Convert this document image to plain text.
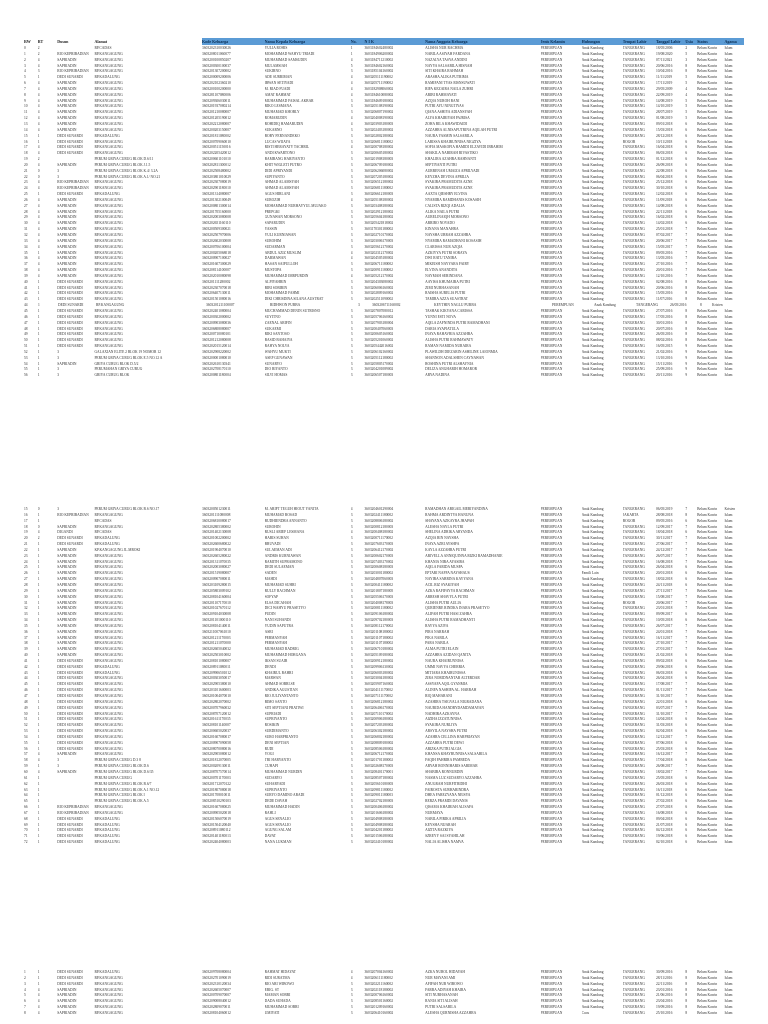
RW	RT	Dusun	Alamat	Kode Keluarga	Nama Kepala Keluarga	No.	N I K	Nama Anggota Keluarga	Jenis Kelamin	Hubungan	Tempat Lahir	Tanggal Lahir	Usia	Status	Agama
0	2	RP.CADAS	3603202310030026	YULIA ROHIS	1	3603184602480002	ALISHA NUR RACHMA	PEREMPUAN	Anak Kandung	TANGERANG	18/05/2006	2	Belum Kawin	Islam
1	2	RIO KEPRIBADIAN	RP.KANGAGUNG	3603208011060077	MOHAMMAD WAHYU TRIADI	1	3603184906200002	NABILA ASIYAH FARDANA	PEREMPUAN	Anak Kandung	TANGERANG	19/08/2020	5	Belum Kawin	Islam
2	4	SAPRIADIN	RP.KANGAGUNG	3603200100850207	MUHAMMAD SAMSUDIN	4	3603184711210002	NAZALYA TASYA ANDINI	PEREMPUAN	Anak Kandung	TANGERANG	07/11/2021	3	Belum Kawin	Islam
3	4	SAPRIADIN	RP.KANGAGUNG	3603200300100037	MULAMSIAH	5	3603184602160002	NAYYA SALSABILA HISNAH	PEREMPUAN	Anak Kandung	TANGERANG	20/06/2016	8	Belum Kawin	Islam
4	3	RIO KEPRIBADIAN	RP.KANGAGUNG	3603201307200002	SUKIRNO	3	3603185104160002	SITI KHAIRA RAHMAH	PEREMPUAN	Anak Kandung	TANGERANG	10/04/2016	8	Belum Kawin	Islam
5	1	DEDI SUNARDI	RP.KADALUNG	3603200009200006	ADE SURRIMAN	4	3603205111190002	ARASHA ALIKA PUTRIMA	PEREMPUAN	Anak Kandung	TANGERANG	11/11/2019	5	Belum Kawin	Islam
6	4	SAPRIADIN	RP.KANGAGUNG	3603202102360210	IRWAN SETIYADI	4	3603205711190002	RAMIFANI TYAS RISNSUWATI	PEREMPUAN	Anak Kandung	TANGERANG	17/11/2019	5	Belum Kawin	Islam
7	4	SAPRIADIN	RP.KANGAGUNG	3603200100200000	M. RIAD FUADI	4	3603182908060002	RIFA KEZAIRA NAILA ZUHRI	PEREMPUAN	Anak Kandung	TANGERANG	29/05/2009	4	Belum Kawin	Islam
8	4	SAPRIADIN	RP.KANGAGUNG	3603281107080006	AMAT RAHMAT	4	3603184610080002	ARIBI RAHMAYATI	PEREMPUAN	Anak Kandung	TANGERANG	22/09/2019	4	Belum Kawin	Islam
9	4	SAPRIADIN	RP.KANGAGUNG	3603209306030011	MUHAMMAD FAISAL AKBAR	3	3603184609180002	AZQIA NUROH BANI	PEREMPUAN	Anak Kandung	TANGERANG	14/08/2019	5	Belum Kawin	Islam
10	4	SAPRIADIN	RP.KANGAGUNG	3603201937080214	RIKO LESMANA	3	3603205108190002	PUTRI AYU NINGTIYAS	PEREMPUAN	Anak Kandung	TANGERANG	14/10/2019	5	Belum Kawin	Islam
11	4	SAPRIADIN	RP.KANGAGUNG	3603201210080007	MUHAMAD KHOBLY	3	3603206807190002	QIANA ASHIYA ADIANSYAH	PEREMPUAN	Anak Kandung	TANGERANG	28/07/2019	5	Belum Kawin	Islam
12	4	SAPRIADIN	RP.KANGAGUNG	3603201205190012	ROMARUDIN	4	3603204008190002	ALYA KHAIRIYAH PAJRISA	PEREMPUAN	Anak Kandung	TANGERANG	01/08/2019	5	Belum Kawin	Islam
13	4	SAPRIADIN	RP.KANGAGUNG	3603202212080007	ROHIDIQ HAMARUDIN	4	3603203903180003	ZOHA BILA KHAWIDAIDI	PEREMPUAN	Anak Kandung	TANGERANG	09/01/2018	6	Belum Kawin	Islam
14	4	SAPRIADIN	RP.KANGAGUNG	3603200203150007	SUKARNO	3	3603202403180002	AZZAHRA ALNISAPUTRINA AQILAH PUTRI	PEREMPUAN	Anak Kandung	TANGERANG	15/03/2018	6	Belum Kawin	Islam
15	1	DEDI SUNARDI	RP.KADALUNG	3603201811080002	BOBY FERNANDEKO	3	3603202802180002	NAURA YASMIN SALSABILA	PEREMPUAN	Anak Kandung	TANGERANG	28/12/2018	6	Belum Kawin	Islam
16	1	DEDI SUNARDI	RP.KANGAGUNG	3603200709060010	LUCAS WIJAYA	3	3603206811180002	LARISSA KHAIRUNNISA NIGZIYA	PEREMPUAN	Anak Kandung	BOGOR	10/11/2018	6	Belum Kawin	Islam
17	4	DEDI SUNARDI	RP.KANGAGUNG	3603200511150016	RISTI HERAYATY TACHRIL	4	3603200708180002	SOFIA MASKOFIA HAMIDI ELZAVIDI IBRAHIM	PEREMPUAN	Anak Kandung	TANGERANG	16/04/2018	6	Belum Kawin	Islam
18	4	DEDI SUNARDI	RP.KANGAGUNG	3603202205420012	ANDI KWARTONO	3	3603200605180002	SHAKILA NABIRAH RIVASTIKO	PEREMPUAN	Anak Kandung	TANGERANG	06/03/2018	6	Belum Kawin	Islam
19	2	PERUM GRIYA CURUG BLOK D.6/11	3603200601101010	BAMBANG HARIYANTO	3	3603201908180003	KHALIRA AZAHRA RAHNANTI	PEREMPUAN	Anak Kandung	TANGERANG	01/12/2018	6	Belum Kawin	Islam
20	4	SAPRIADIN	PERUM GRIYA CURUG BLOK J.1.5	3603202811300012	KHIT WIGLETI PUTRO	3	3603206709180002	SEPTIYANTI PUTRI	PEREMPUAN	Anak Kandung	TANGERANG	26/09/2018	6	Belum Kawin	Islam
21	0	3	PERUM GRIYA CURUG BLOK K.4/ 3.2A	3603202508480002	DIDI APRIYANDI	3	3603206206080002	AURRENAH UMAIZA APRILYADI	PEREMPUAN	Anak Kandung	TANGERANG	22/08/2018	6	Belum Kawin	Islam
22	0	3	PERUM GRIYA CURUG BLOK A.1/ NO.21	3603203801010029	SUPIYANTO	3	3603207205180002	KEYZHA DEVINA APRILIA	PEREMPUAN	Anak Kandung	TANGERANG	06/04/2018	6	Belum Kawin	Islam
23	4	RIO KEPRIBADIAN	RP.KANGAGUNG	3603202307080019	AHMAD ALAMSYAH	3	3603206512180002	SYAKIRA PRAMUDITA AZNE	PEREMPUAN	Anak Kandung	TANGERANG	25/12/2018	6	Belum Kawin	Islam
24	4	RIO KEPRIBADIAN	RP.KANGAGUNG	3603202901180010	AHMAD ALAMSYAH	3	3603206811180002	SYAKIRA PRAMUDITA AZNE	PEREMPUAN	Anak Kandung	TANGERANG	30/10/2018	6	Belum Kawin	Islam
25	1	DEDI SUNARDI	RP.KADALUNG	3603201314080007	AGUS HIRLANI	3	3603206612180003	AAXTA QIESHRY ELVINA	PEREMPUAN	Anak Kandung	TANGERANG	12/02/2018	6	Belum Kawin	Islam
26	4	SAPRIADIN	RP.KANGAGUNG	3603201302100049	SUROZIH	4	3603205108180002	NYAMIRA RAMDHANIS KOSASIH	PEREMPUAN	Anak Kandung	TANGERANG	11/09/2018	6	Belum Kawin	Islam
27	4	SAPRIADIN	RP.KANGAGUNG	3603200801300014	MOHAMMAD NURHAYYUL MUJAKO	3	3603203408180002	CALISTA RIZQI ADALIA	PEREMPUAN	Anak Kandung	TANGERANG	14/08/2018	6	Belum Kawin	Islam
28	4	SAPRIADIN	RP.KANGAGUNG	3603201705160000	PREPGKI	3	3603202912180002	ALIKA NAILA PUTRI	PEREMPUAN	Anak Kandung	TANGERANG	22/11/2018	6	Belum Kawin	Islam
29	4	SAPRIADIN	RP.KANGAGUNG	3603202003080008	GUNAWAN MORSONO	3	3603205604180002	AURELINAIQH MORSONO	PEREMPUAN	Anak Kandung	TANGERANG	16/02/2018	6	Belum Kawin	Islam
30	4	SAPRIADIN	RP.KANGAGUNG	3603202651160110	SAPARUDIN	3	3603205421818002	ARRIRO NOVADO	PEREMPUAN	Anak Kandung	TANGERANG	14/02/2018	6	Belum Kawin	Islam
31	4	SAPRIADIN	RP.KANGAGUNG	3603200509300021	YASSIN	3	3603170301180002	KINANA MANAHRA	PEREMPUAN	Anak Kandung	TANGERANG	25/01/2018	7	Belum Kawin	Islam
32	4	SAPRIADIN	RP.KANGAGUNG	3603202507970006	YULI KURNIAWAN	3	3603202710170002	NAYSHA UBRAH AZZAHRA	PEREMPUAN	Anak Kandung	TANGERANG	07/02/2017	7	Belum Kawin	Islam
33	4	SAPRIADIN	RP.KANGAGUNG	3603202602030008	SUROHIM	3	3603203006170003	NYAMIRA RAMADHANI KOSASIH	PEREMPUAN	Anak Kandung	TANGERANG	20/06/2017	7	Belum Kawin	Islam
34	4	SAPRIADIN	RP.KANGAGUNG	3603200706100004	SUDARMAN	3	3603205612170002	CLARISSA NUR AZQIA	PEREMPUAN	Anak Kandung	TANGERANG	15/05/2017	7	Belum Kawin	Islam
35	1	SAPRIADIN	RP.KANGAGUNG	3603200205068018	ABDUL AZIZ MUSLIM	4	3603202312170002	AZKIYYA PUTRI SORAYA	PEREMPUAN	Anak Kandung	TANGERANG	09/05/2016	7	Belum Kawin	Islam
36	4	SAPRIADIN	RP.KANGAGUNG	3603200907100027	DARMAWAN	4	3603204505180002	DWI RATU TANIRA	PEREMPUAN	Anak Kandung	TANGERANG	13/05/2016	7	Belum Kawin	Islam
37	4	SAPRIADIN	RP.KANGAGUNG	3603201607300029	HASAN SAIPULLOH	3	3603206711180002	MIKEISH NAYYARA FAIRY	PEREMPUAN	Anak Kandung	TANGERANG	27/10/2016	7	Belum Kawin	Islam
38	4	SAPRIADIN	RP.KANGAGUNG	3603208114100007	MUSTOPA	3	3603200911180002	ELVINA ANANDITA	PEREMPUAN	Anak Kandung	TANGERANG	20/01/2016	7	Belum Kawin	Islam
39	4	SAPRIADIN	RP.KANGAGUNG	3603202010080098	MUHAMMAD IMRPURDIN	4	3603205212170002	NAYMAH SERINDANA	PEREMPUAN	Anak Kandung	TANGERANG	12/10/2016	7	Belum Kawin	Islam
40	1	DEDI SUNARDI	RP.KANGAGUNG	3603201111280002	ALPIYAHRIN	3	3603204303080002	AAYISA KHUMAIRA PUTRI	PEREMPUAN	Anak Kandung	TANGERANG	02/08/2016	8	Belum Kawin	Islam
41	1	DEDI SUNARDI	RP.KANGAGUNG	3603202307070018	BIBI SOBIRIN	3	3603206006160002	ZIMI NURHASANAH	PEREMPUAN	Anak Kandung	TANGERANG	20/06/2016	8	Belum Kawin	Islam
42	1	DEDI SUNARDI	RP.KANGAGUNG	3603206407130011	MOHAMMAD FAHMI	3	3603202809160002	RAISHA SURELIA PUTRI	PEREMPUAN	Anak Kandung	TANGERANG	15/05/2016	8	Belum Kawin	Islam
43	1	DEDI SUNARDI	RP.KANGAGUNG	3603201501080016	DIKI CHRISDINA SILANA AUSTRAT	3	3603202511090002	TAMIRA AZZA SUASTRAT	PEREMPUAN	Anak Kandung	TANGERANG	11/07/2016	8	Belum Kawin	Islam
44	1	DEDI SUNARDI	RP.KANGAGUNG	3603201211100007	RIDHWON PURBA	3	3603206711160002	KEYTHIN NAGLU PURBA	PEREMPUAN	Anak Kandung	TANGERANG	26/05/2016	8	Kristen
45	1	DEDI SUNARDI	RP.KANGAGUNG	3603202401080004	MUCHAMMAD DENIN SUTRISNO	3	3603207807080012	TASHAK KIKYANA CARISSA	PEREMPUAN	Anak Kandung	TANGERANG	27/07/2016	8	Belum Kawin	Islam
46	1	DEDI SUNARDI	RP.KANGAGUNG	3603200302000002	SUYITNO	3	3603205706160002	YUNNI ESTI NOVA	PEREMPUAN	Anak Kandung	TANGERANG	17/05/2016	8	Belum Kawin	Islam
47	1	DEDI SUNARDI	RP.KANGAGUNG	3603200903080036	ZAENAL ARIFIN	3	3603207903180004	AQILA ZAFNINDA PUTRI RAMADHANI	PEREMPUAN	Anak Kandung	TANGERANG	30/01/2016	8	Belum Kawin	Islam
48	1	DEDI SUNARDI	RP.KANGAGUNG	3603206808080007	SUKAEMI	3	3603200407060003	DARIA SYAPIATULA	PEREMPUAN	Anak Kandung	TANGERANG	20/07/2016	8	Belum Kawin	Islam
49	1	DEDI SUNARDI	RP.KANGAGUNG	3603200710080101	RIKI SANTOSO	3	3603200605160002	INAYA RAHAVRIA AZZAHRA	PEREMPUAN	Anak Kandung	TANGERANG	26/05/2016	8	Belum Kawin	Islam
50	1	DEDI SUNARDI	RP.KANGAGUNG	3603201212080008	BASID BAHAIYA	3	3603205201060002	ALISHA PUTRI RAHMAWATY	PEREMPUAN	Anak Kandung	TANGERANG	08/02/2016	8	Belum Kawin	Islam
51	1	DEDI SUNARDI	RP.KANGAGUNG	3603202015120014	RAHYA NOLVA	3	3603205442016002	RAMAN NAMIDA NURAIRA	PEREMPUAN	Anak Kandung	TANGERANG	16/05/2015	9	Belum Kawin	Islam
52	1	3	GALAXIAN ELITE 2 BLOK 19 NOMOR 12	3603202908220002	WAHYU MUKTI	3	3603206102160002	PLAWILDH DIEZARIN ASHILINE LAIONMIA	PEREMPUAN	Anak Kandung	TANGERANG	21/02/2016	9	Belum Kawin	Islam
53	1	3	PERUM GRIYA CURUG BLOK E.5 NO.12 A	3603200001080010	ASEP GUNAWAN	3	3603205112180002	SHANNON ADALSHEN CAYNAWAN	PEREMPUAN	Anak Kandung	TANGERANG	13/10/2016	9	Belum Kawin	Islam
54	1	SAPRIADIN	GRIYA CURUG BLOK D.5/2	3603202610130341	SUNARYO	3	3603205805170002	ROSHINA PUTRI ALSHAYNIA	PEREMPUAN	Anak Kandung	TANGERANG	15/11/2016	9	Belum Kawin	Islam
55	1	3	PERUMAHAN GRIYA CURUG	3603202708170110	DIO RIYANTO	3	3603204201089002	DELIZA ANGHARIH HOMAROR	PEREMPUAN	Anak Kandung	TANGERANG	25/09/2016	9	Belum Kawin	Islam
56	1	3	GRIYA CURUG BLOK	3603200801180004	SILVI HOMAS	3	3603206507180003	ARYA NADINA	PEREMPUAN	Anak Kandung	TANGERANG	20/11/2016	9	Belum Kawin	Islam
15	0	3	PERUM GRIYA CURUG BLOK B.6 NO.17	3603200501230011	M. ARIFT TEGUH HIOUT YANITA	4	3603204601290004	RAMADHAN ABIGAIL MERIYANDINA	PEREMPUAN	Anak Kandung	TANGERANG	06/05/2019	7	Belum Kawin	Kristen
16	1	RIO KEPRIBADIAN	RP.KANGAGUNG	3603201111080008	MUHAMAD ROSAD	3	3603202411180002	RAHMA ARDINTYA HANUNA	PEREMPUAN	Anak Kandung	JAKARTA	28/08/2018	8	Belum Kawin	Islam
17	1	RP.CADAS	3603206810080017	BUDHIENDRA ANNANTO	3	3603208806180002	SHAYANA AZKAYRA JHAPAH	PEREMPUAN	Anak Kandung	BOGOR	09/05/2016	6	Belum Kawin	Islam
18	0	SAPRIADIN	RP.KANGAGUNG	3603202805380002	SUROHIN	3	3603200812180003	ALESHA NAYLA PUTRI	PEREMPUAN	Anak Kandung	TANGERANG	12/09/2017	7	Belum Kawin	Islam
19	4	DIGANDI	RP.CADAS	3603201402130008	RUSLI ARIEF LESMANA	4	3603200408180002	SHELINA ADRIKA ARYANDA	PEREMPUAN	Anak Kandung	TANGERANG	18/04/2018	6	Belum Kawin	Islam
20	2	DEDI SUNARDI	RP.KADALUNG	3603201002200002	HARIS SUHAN	3	3603200711170002	AZQIA RIN NAYSHA	PEREMPUAN	Anak Kandung	TANGERANG	30/11/2017	7	Belum Kawin	Islam
21	1	DEDI SUNARDI	RP.KADALUNG	3603202600680022	BRUVADI	3	3603207603170003	INAYA AZRI AYSHFA	PEREMPUAN	Anak Kandung	TANGERANG	27/06/2017	7	Belum Kawin	Islam
22	1	SAPRIADIN	KP.KANGAGUNG JL.MROKI	3603201904070010	SULAEMAN ADI	3	3603206412170002	KAYLA AZZAHRA PUTRI	PEREMPUAN	Anak Kandung	TANGERANG	24/12/2017	7	Belum Kawin	Islam
23	1	SAPRIADIN	RP.KANGAGUNG	3603202605280022	ANDRIS KURNIAWAN	3	3603200602170003	ARIVELLA ANNIQUINNA RIZKI RAMADHANIE	PEREMPUAN	Anak Kandung	TANGERANG	26/07/2017	7	Belum Kawin	Islam
24	1	SAPRIADIN	RP.KANGAGUNG	3603201311070035	RAMITH SUPRAMONO	3	3603207403170002	KHANIA NIRA AYASIBA	PEREMPUAN	Anak Kandung	TANGERANG	16/08/2018	7	Belum Kawin	Islam
25	1	SAPRIADIN	RP.KANGAGUNG	3603202003080027	DEDI SULAEMAN	3	3603200608180003	AQILA FARIDA MUSPA	PEREMPUAN	Anak Kandung	TANGERANG	26/04/2018	6	Belum Kawin	Islam
26	1	SAPRIADIN	RP.KANGAGUNG	3603201519080007	SADEN	3	3603203001180002	EPTARI NAFFA NAYSHAUS	PEREMPUAN	Famili Lain	TANGERANG	20/01/2018	6	Belum Kawin	Islam
27	1	SAPRIADIN	RP.KANGAGUNG	3603200907080011	MAHDI	3	3603204807060003	NAYIRA SABRINA KAYYANA	PEREMPUAN	Anak Kandung	TANGERANG	18/02/2018	6	Belum Kawin	Islam
28	1	SAPRIADIN	RP.KANGAGUNG	3603203109280015	MUHAMAD SUHRI	3	3603200411180002	ACIL RIZ SYAKIYAH	PEREMPUAN	Anak Kandung	TANGERANG	24/11/2018	6	Belum Kawin	Islam
29	1	SAPRIADIN	RP.KANGAGUNG	3603205803009102	RULLY RACHMAN	3	3603201807180005	AZKA RAFIFAYYA RACHMAN	PEREMPUAN	Anak Kandung	TANGERANG	27/11/2017	7	Belum Kawin	Islam
30	1	SAPRIADIN	RP.KANGAGUNG	3603208104160004	SOFYAP	3	3603205506170003	ARRESH SHAVYLA PUTRI	PEREMPUAN	Anak Kandung	TANGERANG	15/08/2017	7	Belum Kawin	Islam
31	1	SAPRIADIN	RP.KANGAGUNG	3603201107170010	ELSA DICAHAH	3	3603204008178003	ALISHA PUTRI AULIA	PEREMPUAN	Anak Kandung	BOGOR	20/06/2017	7	Belum Kawin	Islam
32	1	SAPRIADIN	RP.KANGAGUNG	3603201027670112	DICI WAHYU PRASETYO	3	3603200811180002	QURIENRE RINDKA INARA PRASETYO	PEREMPUAN	Anak Kandung	TANGERANG	23/01/2018	7	Belum Kawin	Islam
33	1	SAPRIADIN	RP.KANGAGUNG	3603209104030008	PUDIN	3	3603209106180002	ALIFAH PUTRI HASI ZAHRA	PEREMPUAN	Anak Kandung	TANGERANG	09/09/2017	6	Belum Kawin	Islam
34	1	SAPRIADIN	RP.KANGAGUNG	3603201101000110	NANI SUHANDI	3	3603209702180003	ALISHA PUTRI RAMADHANTI	PEREMPUAN	Anak Kandung	TANGERANG	10/05/2018	6	Belum Kawin	Islam
35	1	SAPRIADIN	RP.KANGAGUNG	3603208104140011	YUDIN SAPUTRA	3	3603208112170002	RAYYA AZIVA	PEREMPUAN	Anak Kandung	TANGERANG	26/07/2017	7	Belum Kawin	Islam
36	1	SAPRIADIN	RP.KANGAGUNG	3603211007061010	ASRI	3	3603201108180002	PIRA NARRAH	PEREMPUAN	Anak Kandung	TANGERANG	24/01/2018	7	Belum Kawin	Islam
37	1	SAPRIADIN	RP.KANGAGUNG	3603201211170003	PERMANYAH	3	3603201107180002	PIKA NABILA	PEREMPUAN	Anak Kandung	TANGERANG	16/11/2017	7	Belum Kawin	Islam
38	1	SAPRIADIN	RP.KANGAGUNG	3603201211070000	PERMANYAH	3	3603201107180002	PARA NABILA	PEREMPUAN	Anak Kandung	TANGERANG	27/10/2017	7	Belum Kawin	Islam
39	1	SAPRIADIN	RP.KANGAGUNG	3603202605040032	MUHAMAD RADRIG	3	3603206710180002	ALMA PUTRI ELAIN	PEREMPUAN	Anak Kandung	TANGERANG	27/01/2017	7	Belum Kawin	Islam
40	1	SAPRIADIN	RP.KANGAGUNG	3603202503010002	MUHAMMAD HORGANA	3	3603205109180002	AZZAHRA AZIDAN QANITA	PEREMPUAN	Anak Kandung	TANGERANG	21/02/2018	6	Belum Kawin	Islam
41	1	DEDI SUNARDI	RP.KANGAGUNG	3603208101080007	IKSAN SUAIB	3	3603200912180002	NAURA KHAIRUNNISA	PEREMPUAN	Anak Kandung	TANGERANG	09/02/2018	6	Belum Kawin	Islam
42	1	DEDI SUNARDI	RP.KADALUNG	3603208911080011	DENDI	3	3603209906130002	UMMI NAVYA CHERRIA	PEREMPUAN	Anak Kandung	TANGERANG	29/06/2018	6	Belum Kawin	Islam
43	1	DEDI SUNARDI	RP.KADALUNG	3603209906501012	KHAIRUL BAHRI	3	3603206003180002	MITIARA KHAIRUNISSA	PEREMPUAN	Anak Kandung	TANGERANG	06/03/2018	6	Belum Kawin	Islam
44	1	DEDI SUNARDI	RP.KANGAGUNG	3603200303050017	MARWAN	3	3603203004180002	ZIRA NORIDNANTAR ALTERDAR	PEREMPUAN	Anak Kandung	TANGERANG	26/04/2018	6	Belum Kawin	Islam
45	1	DEDI SUNARDI	RP.KANGAGUNG	3603202905380010	AHMAD SOBRI.SE	3	3603205907160002	ASSYAFA AQIL GYANMIA	PEREMPUAN	Anak Kandung	TANGERANG	17/08/2017	7	Belum Kawin	Islam
46	1	DEDI SUNARDI	RP.KANGAGUNG	3603203101600003	ANDIKA AGUSTIAN	3	3603204111170002	ALINFA NASHIFA AL. HARRAH	PEREMPUAN	Anak Kandung	TANGERANG	01/11/2017	7	Belum Kawin	Islam
47	1	DEDI SUNARDI	RP.KANGAGUNG	3603201004070010	RIO JULIYANTANTO	3	3603207111170002	RIQ MAHARANI	PEREMPUAN	Anak Kandung	TANGERANG	31/10/2017	7	Belum Kawin	Islam
48	1	DEDI SUNARDI	RP.KANGAGUNG	3603202802070002	BIMO SANTO	3	3603206812180002	AZAHIRA TSIGVALA NIGRADANA	PEREMPUAN	Anak Kandung	TANGERANG	22/01/2018	6	Belum Kawin	Islam
49	1	DEDI SUNARDI	RP.KANGAGUNG	3603200707960032	SITI SEPTIANI PRATIWI	3	3603206406170002	NAURIDA HANDRYDAMDAMAYAN	PEREMPUAN	Anak Kandung	TANGERANG	03/07/2017	7	Belum Kawin	Islam
50	1	DEDI SUNARDI	RP.KANGAGUNG	3603208707120012	SUPRIADI	3	3603207110170002	NADHIRA AZKAYNA	PEREMPUAN	Anak Kandung	TANGERANG	31/10/2017	7	Belum Kawin	Islam
51	1	DEDI SUNARDI	RP.KANGAGUNG	3603201611170035	SUPRIYANTO	3	3603200906180002	AIZIHA IZZATUNNISA	PEREMPUAN	Anak Kandung	TANGERANG	14/04/2018	6	Belum Kawin	Islam
52	1	DEDI SUNARDI	RP.KANGAGUNG	3603208101140007	ROSIKIN	3	3603207203180002	SYAKIRA NURLIYA	PEREMPUAN	Anak Kandung	TANGERANG	31/03/2018	6	Belum Kawin	Islam
53	1	DEDI SUNARDI	RP.KANGAGUNG	3603200605020037	SURDIMANTO	3	3603206302180002	ARSYILA NAYSHA PUTRI	PEREMPUAN	Anak Kandung	TANGERANG	02/04/2018	6	Belum Kawin	Islam
54	1	DEDI SUNARDI	RP.KANGAGUNG	3603201607080017	SURO HARPRIANTO	3	3603206802180002	AZAHRA CELLINA HARPRIAYAN	PEREMPUAN	Anak Kandung	TANGERANG	12/12/2017	7	Belum Kawin	Islam
55	1	DEDI SUNARDI	RP.KANGAGUNG	3603200907090058	DENI SEPTIAN	3	3603208809180002	AZZAHRA PUTRI DEWI	PEREMPUAN	Anak Kandung	TANGERANG	07/06/2018	6	Belum Kawin	Islam
56	1	DEDI SUNARDI	RP.KANGAGUNG	3603208070080016	RUDI	3	3603208506180002	ARIZKA PUTRI ALGIA	PEREMPUAN	Anak Kandung	TANGERANG	25/03/2018	6	Belum Kawin	Islam
57	4	SAPRIADIN	RP.KANGAGUNG	3603202905080012	YOGI	3	3603206712170002	KHANSA KHAYRUNNISA SALSABILA	PEREMPUAN	Anak Kandung	TANGERANG	16/12/2017	7	Belum Kawin	Islam
58	4	3	PERUM GRIYA CURUG D.3 8	3603201812070005	TRI HARYANTO	3	3603201701180002	FAQIH PAHRIRA PAMBEDA	PEREMPUAN	Anak Kandung	TANGERANG	17/04/2018	6	Belum Kawin	Islam
59	1	3	PERUM GRIYA CURUG BLOK D.6	3603200209130011	CUHAPI	3	3603202608170003	ARYAH RONNIHARIS SARIMAR	PEREMPUAN	Anak Kandung	TANGERANG	26/08/2017	7	Belum Kawin	Islam
60	4	SAPRIADIN	PERUM GRIYA CURUG BLOK D.6/35	3603208707570014	MUHAMMAD NURDIN	3	3603208401170001	SHABIRA RONNURDIN	PEREMPUAN	Anak Kandung	TANGERANG	18/02/2017	7	Belum Kawin	Islam
61	1	PERUM GRIYA CURUG	3603200701170003	SUDARYO	3	3603208507180002	NASMA LUZ SUDARYO AZZAHRA	PEREMPUAN	Anak Kandung	TANGERANG	25/05/2018	6	Belum Kawin	Islam
62	1	PERUM GRIYA CURUG BLOK B.6/7	3603201712070122	SUHARYADI	3	3603205610180003	ANUGRAH NURFITRIDHI	PEREMPUAN	Anak Kandung	TANGERANG	26/03/2018	6	Belum Kawin	Islam
63	1	PERUM GRIYA CURUG BLOK A.1 NO.12	3603201807080018	SUPRIYANTO	3	3603209811180002	FAIROSTA SURHARINDRA	PEREMPUAN	Anak Kandung	TANGERANG	16/11/2018	6	Belum Kawin	Islam
64	1	PERUM GRIYA CURUG BLOK I	3603201708010011	SURYO DAMINO ABADI	3	3603209011180003	DHEA FAREZYANA NEISYA	PEREMPUAN	Anak Kandung	TANGERANG	01/12/2018	6	Belum Kawin	Islam
65	1	PERUM GRIYA CURUG BLOK A.5	3603208510290103	DEDE DAVAH	3	3603202702180003	RERZA PRAMDI DAVANIS	PEREMPUAN	Anak Kandung	TANGERANG	27/02/2018	6	Belum Kawin	Islam
66	1	RIO KEPRIBADIAN	RP.KANGAGUNG	3603201607080025	MUHAMMAD HADIN	3	3603200406180002	QISAMA KHAIRIAH ALISAFA	PEREMPUAN	Anak Kandung	TANGERANG	27/07/2018	6	Belum Kawin	Islam
67	1	RIO KEPRIBADIAN	RP.KANGAGUNG	3603200905020018	RAHLI	3	3603201606180002	NURMAYA	PEREMPUAN	Anak Kandung	TANGERANG	16/08/2018	6	Belum Kawin	Islam
68	1	DEDI SUNARDI	RP.KADALUNG	3603201506070019	AGUS SENALIO	3	3603204908180003	NABILA PIRIKA APRILIA	PEREMPUAN	Anak Kandung	TANGERANG	09/04/2018	6	Belum Kawin	Islam
69	1	DEDI SUNARDI	RP.KADALUNG	3603201504120040	AGUS SENALIO	3	3603204908180002	KEYSHA NIJARAH	PEREMPUAN	Anak Kandung	TANGERANG	21/07/2018	6	Belum Kawin	Islam
70	1	DEDI SUNARDI	RP.KADALUNG	3603208911080112	AGUNG SALAM	3	3603204201180002	AIZITA RAZKIYA	PEREMPUAN	Anak Kandung	TANGERANG	04/12/2018	6	Belum Kawin	Islam
71	1	DEDI SUNARDI	RP.KADALUNG	3603201401180013	DAVAT	3	3603201506180002	SZREYY SAI SYAHILAH	PEREMPUAN	Anak Kandung	TANGERANG	19/06/2018	6	Belum Kawin	Islam
72	1	DEDI SUNARDI	RP.KADALUNG	3603202404080003	NANA LUKMAN	3	3603202410180002	NALIA ALISHA NAMVA	PEREMPUAN	Anak Kandung	TANGERANG	02/10/2018	6	Belum Kawin	Islam
1	1	DEDI SUNARDI	RP.KADALUNG	3603209708080004	RAHMAT HIDAYAT	4	3603207004160002	AZKA NUROL HIDAYAH	PEREMPUAN	Anak Kandung	TANGERANG	30/09/2016	8	Belum Kawin	Islam
2	1	DEDI SUNARDI	RP.KANGAGUNG	3603202701090019	RIDI SURATMA	4	3603206111180002	NUR MAYANI AMI	PEREMPUAN	Anak Kandung	TANGERANG	28/11/2016	8	Belum Kawin	Islam
3	1	DEDI SUNARDI	RP.KANGAGUNG	3603202310120034	RIO ARI WIBOWO	3	3603202211160002	AFIFAH NUR WIBOWO	PEREMPUAN	Anak Kandung	TANGERANG	22/11/2016	8	Belum Kawin	Islam
4	4	SAPRIADIN	RP.KANGAGUNG	3603202605070007	ERIG. ST	3	3603202118180002	FARRA ADIYAH KHAIRA	PEREMPUAN	Anak Kandung	TANGERANG	23/01/2016	8	Belum Kawin	Islam
5	4	SAPRIADIN	RP.KANGAGUNG	3603200709070007	MAMAN SOBRI	3	3603200706160002	SITI NURHASANAH	PEREMPUAN	Anak Kandung	TANGERANG	21/06/2016	8	Belum Kawin	Islam
6	4	SAPRIADIN	RP.KANGAGUNG	3603209008040012	DADA SUHADA	3	3603208501160002	RANIA SITI ALISAH	PEREMPUAN	Anak Kandung	TANGERANG	23/04/2016	8	Belum Kawin	Islam
7	4	SAPRIADIN	RP.KANGAGUNG	3603202809070011	MUHAMMAD SOBRI	3	3603201209160002	PUTRI SALSABILA	PEREMPUAN	Anak Kandung	TANGERANG	19/09/2016	8	Belum Kawin	Islam
8	4	SAPRIADIN	RP.KANGAGUNG	3603208104060012	UMIYATI	3	3603206410160002	ALESHA QURNISHA AZZAHRA	PEREMPUAN	Cucu	TANGERANG	25/10/2016	8	Belum Kawin	Islam
